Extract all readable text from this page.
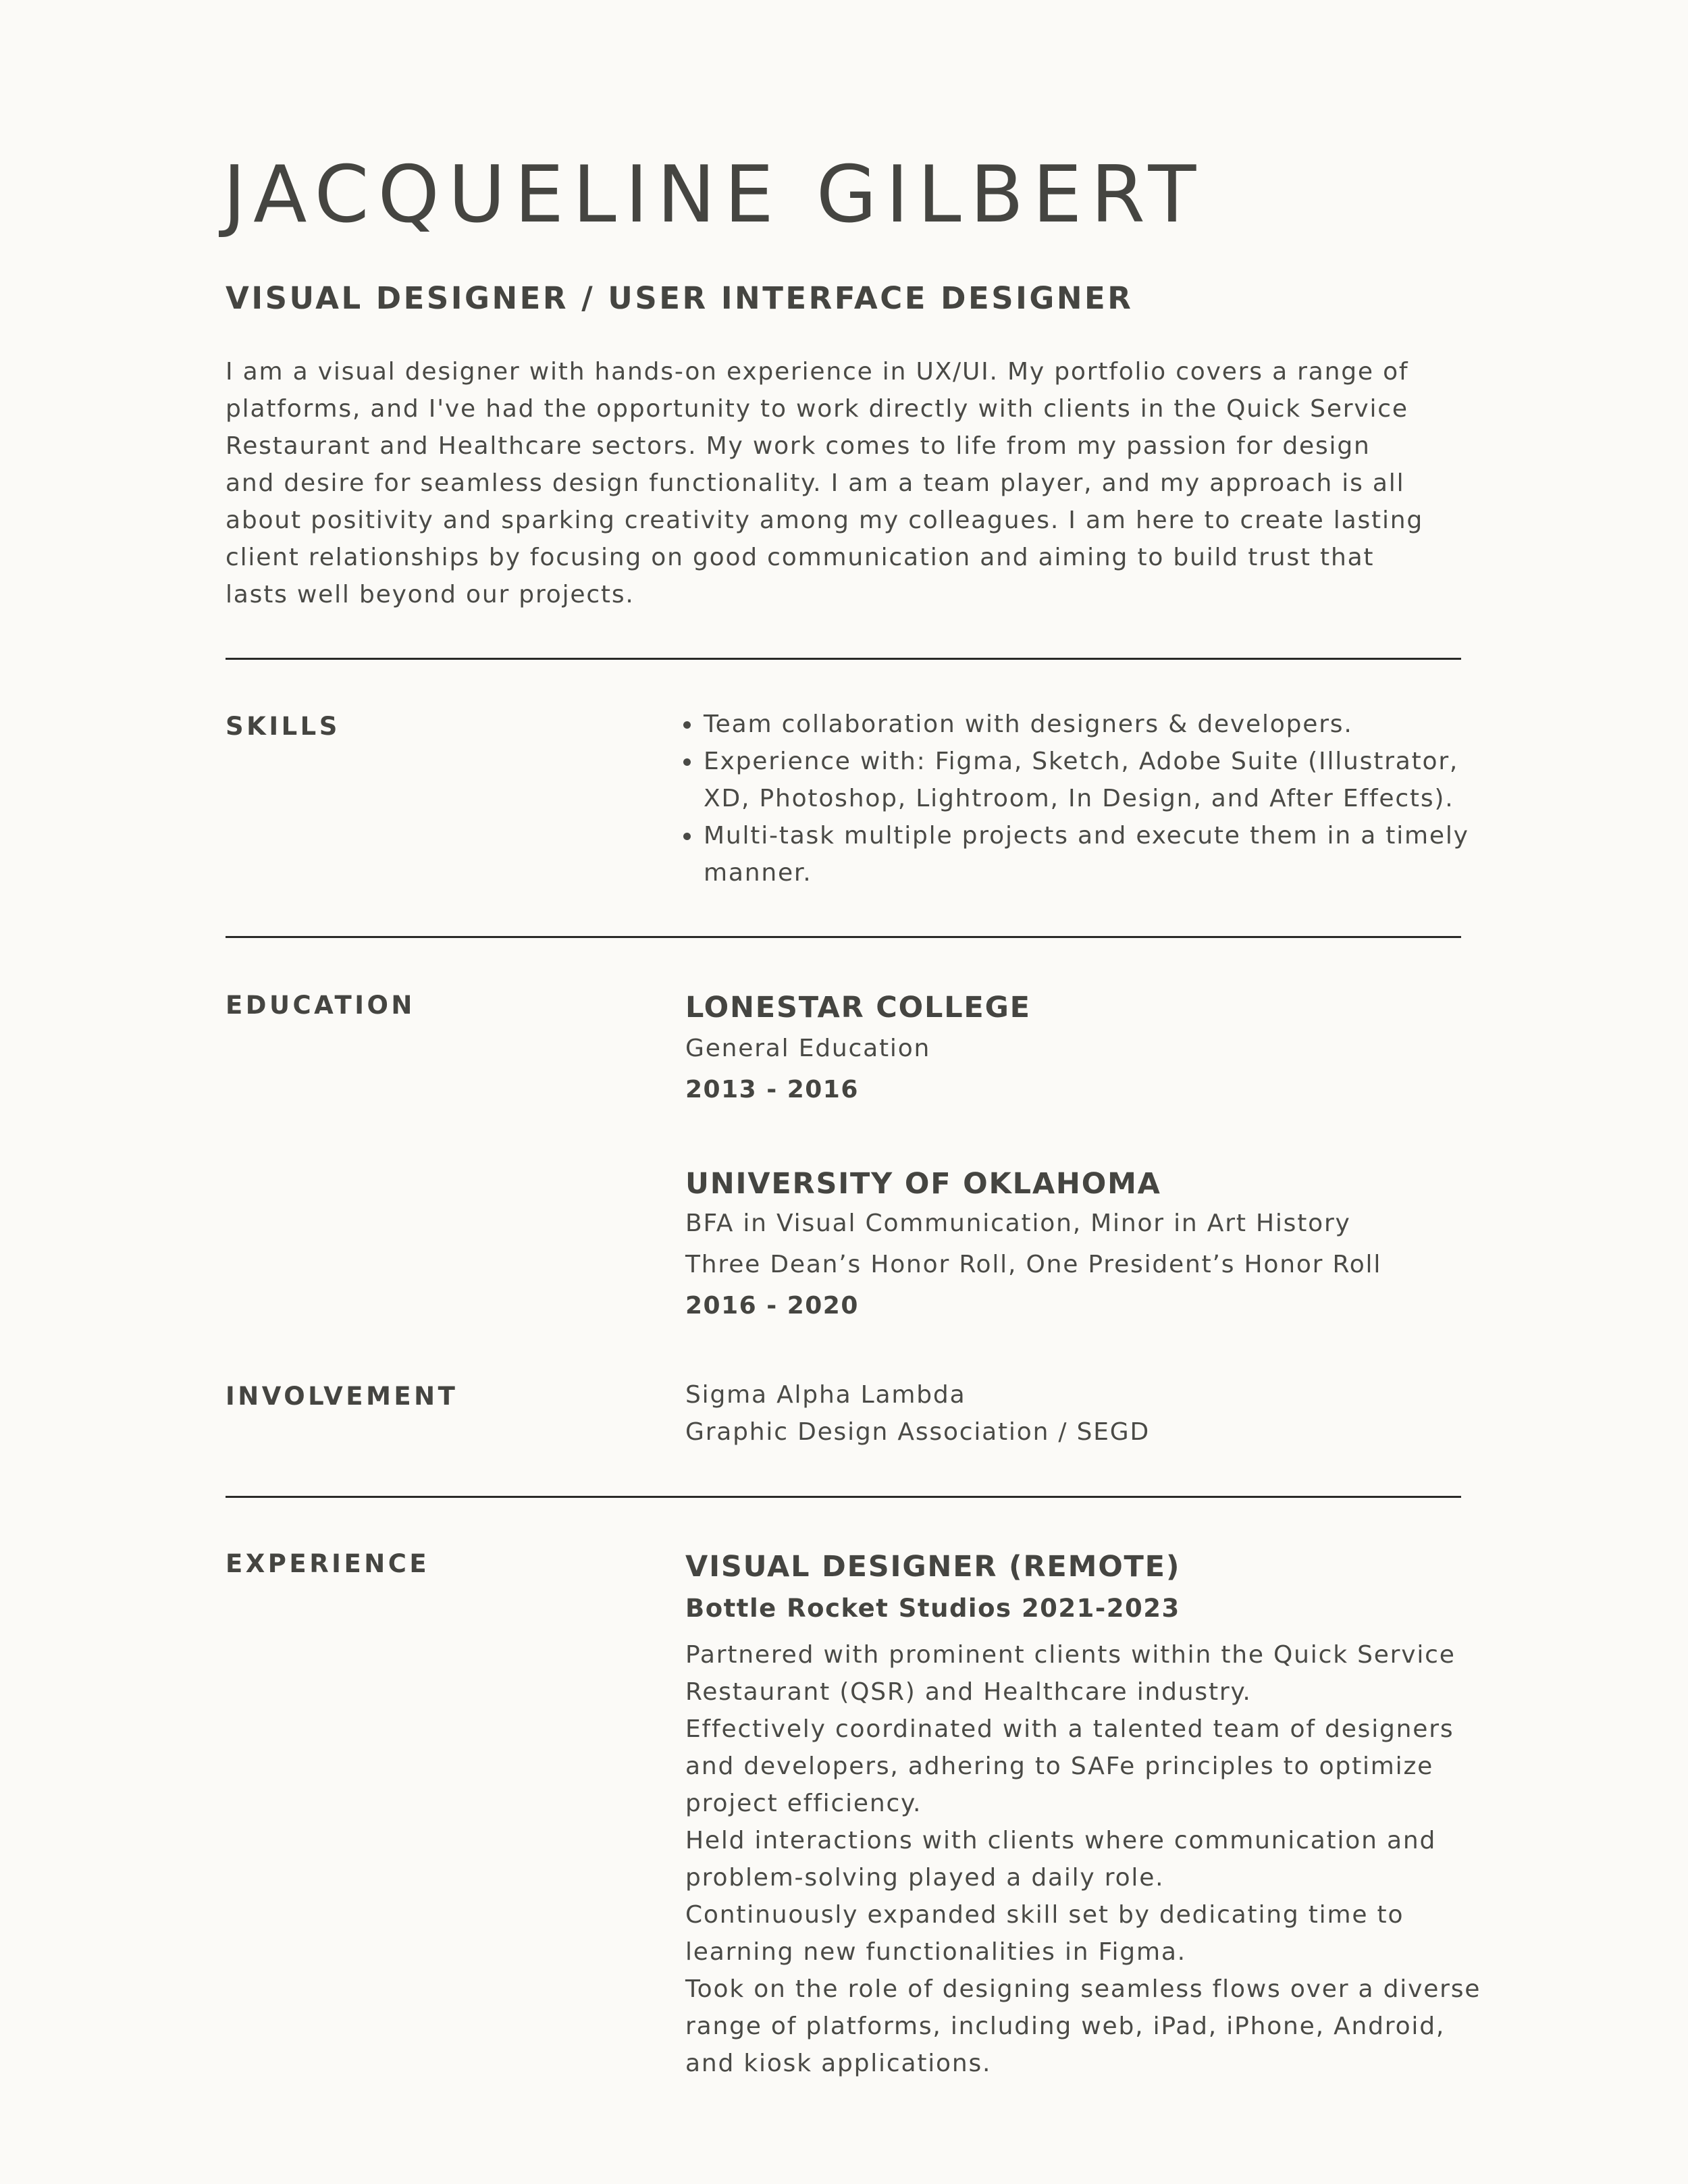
JACQUELINE GILBERT
VISUAL DESIGNER / USER INTERFACE DESIGNER

I am a visual designer with hands-on experience in UX/UI. My portfolio covers a range of platforms, and I've had the opportunity to work directly with clients in the Quick Service Restaurant and Healthcare sectors. My work comes to life from my passion for design and desire for seamless design functionality. I am a team player, and my approach is all about positivity and sparking creativity among my colleagues. I am here to create lasting client relationships by focusing on good communication and aiming to build trust that lasts well beyond our projects.

SKILLS
•	Team collaboration with designers & developers.
• Experience with: Figma, Sketch, Adobe Suite (Illustrator, XD, Photoshop, Lightroom, In Design, and After Effects).
• Multi-task multiple projects and execute them in a timely manner.
EDUCATION	LONESTAR COLLEGE
General Education
2013 - 2016
UNIVERSITY OF OKLAHOMA
BFA in Visual Communication, Minor in Art History
Three Dean’s Honor Roll, One President’s Honor Roll
2016 - 2020
INVOLVEMENT	Sigma Alpha Lambda
Graphic Design Association / SEGD
EXPERIENCE	VISUAL DESIGNER (REMOTE)
Bottle Rocket Studios 2021-2023

Partnered with prominent clients within the Quick Service Restaurant (QSR) and Healthcare industry.

Effectively coordinated with a talented team of designers and developers, adhering to SAFe principles to optimize project efficiency.

Held interactions with clients where communication and problem-solving played a daily role.

Continuously expanded skill set by dedicating time to learning new functionalities in Figma.

Took on the role of designing seamless flows over a diverse range of platforms, including web, iPad, iPhone, Android, and kiosk applications.
